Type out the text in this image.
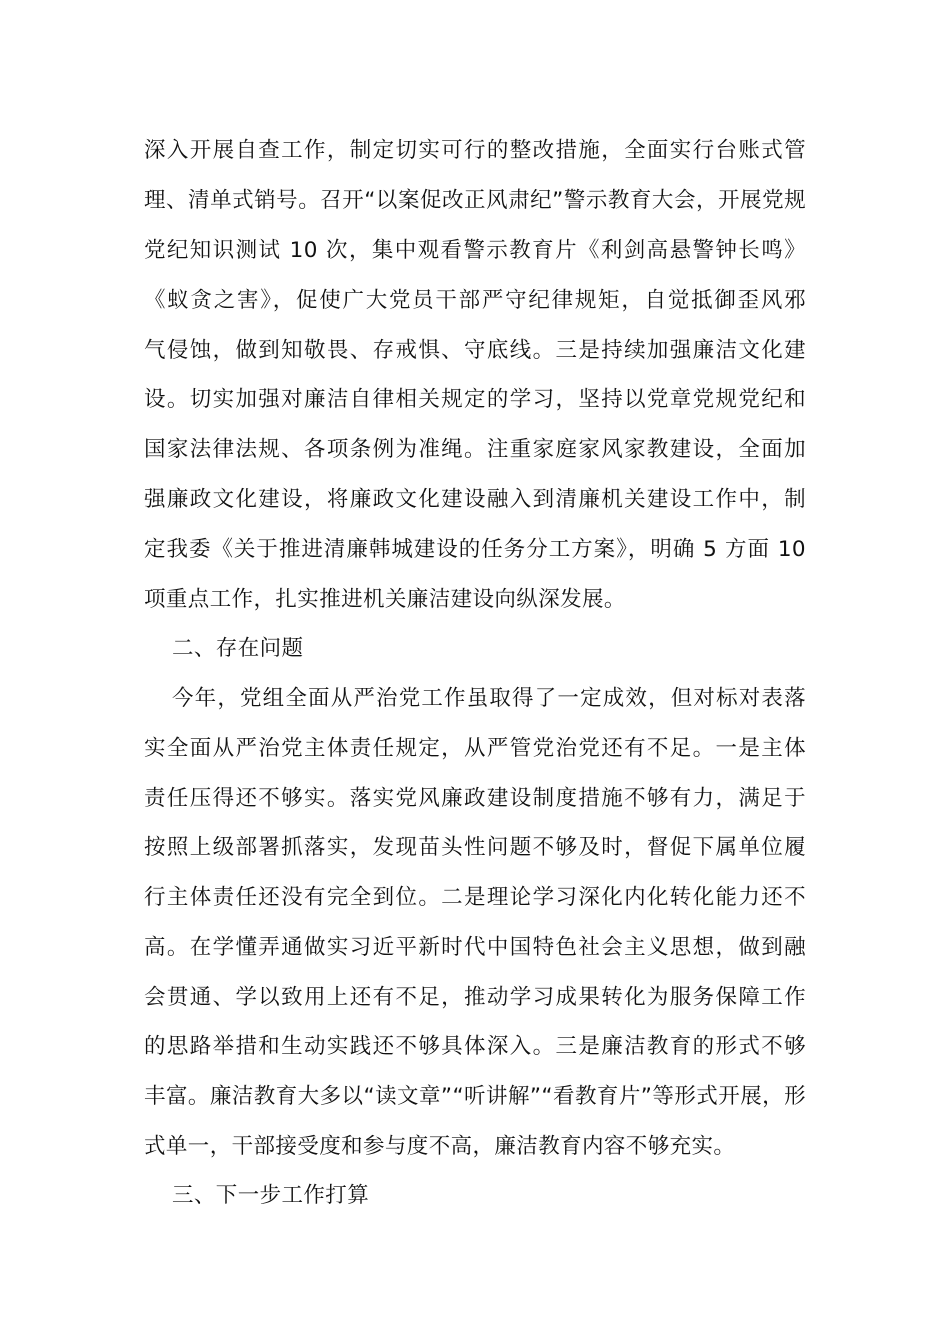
深入开展自查工作，制定切实可行的整改措施，全面实行台账式管
理、清单式销号。召开“以案促改正风肃纪”警示教育大会，开展党规
党纪知识测试 10 次，集中观看警示教育片《利剑高悬警钟长鸣》
《蚁贪之害》，促使广大党员干部严守纪律规矩，自觉抵御歪风邪
气侵蚀，做到知敬畏、存戒惧、守底线。三是持续加强廉洁文化建
设。切实加强对廉洁自律相关规定的学习，坚持以党章党规党纪和
国家法律法规、各项条例为准绳。注重家庭家风家教建设，全面加
强廉政文化建设，将廉政文化建设融入到清廉机关建设工作中，制
定我委《关于推进清廉韩城建设的任务分工方案》，明确 5 方面 10
项重点工作，扎实推进机关廉洁建设向纵深发展。
二、存在问题
今年，党组全面从严治党工作虽取得了一定成效，但对标对表落
实全面从严治党主体责任规定，从严管党治党还有不足。一是主体
责任压得还不够实。落实党风廉政建设制度措施不够有力，满足于
按照上级部署抓落实，发现苗头性问题不够及时，督促下属单位履
行主体责任还没有完全到位。二是理论学习深化内化转化能力还不
高。在学懂弄通做实习近平新时代中国特色社会主义思想，做到融
会贯通、学以致用上还有不足，推动学习成果转化为服务保障工作
的思路举措和生动实践还不够具体深入。三是廉洁教育的形式不够
丰富。廉洁教育大多以“读文章”“听讲解”“看教育片”等形式开展，形
式单一，干部接受度和参与度不高，廉洁教育内容不够充实。
三、下一步工作打算
